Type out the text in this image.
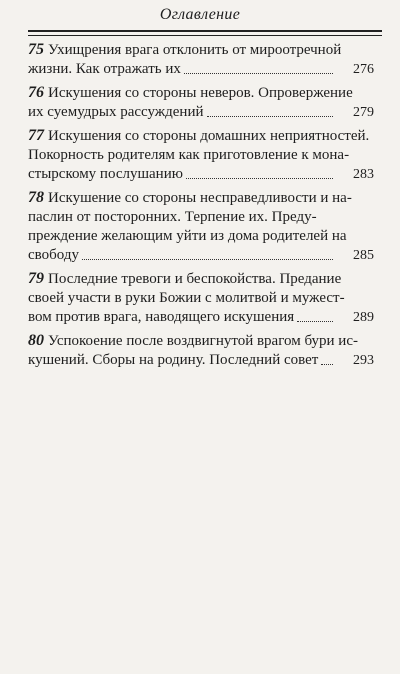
Оглавление
75 Ухищрения врага отклонить от мироотречной
жизни. Как отражать их	276
76 Искушения со стороны неверов. Опровержение
их суемудрых рассуждений	279
77 Искушения со стороны домашних неприятностей.
Покорность родителям как приготовление к мона-
стырскому послушанию	283
78 Искушение со стороны несправедливости и на-
паслин от посторонних. Терпение их. Преду-
преждение желающим уйти из дома родителей на
свободу	285
79 Последние тревоги и беспокойства. Предание
своей участи в руки Божии с молитвой и мужест-
вом против врага, наводящего искушения	289
80 Успокоение после воздвигнутой врагом бури ис-
кушений. Сборы на родину. Последний совет	293
